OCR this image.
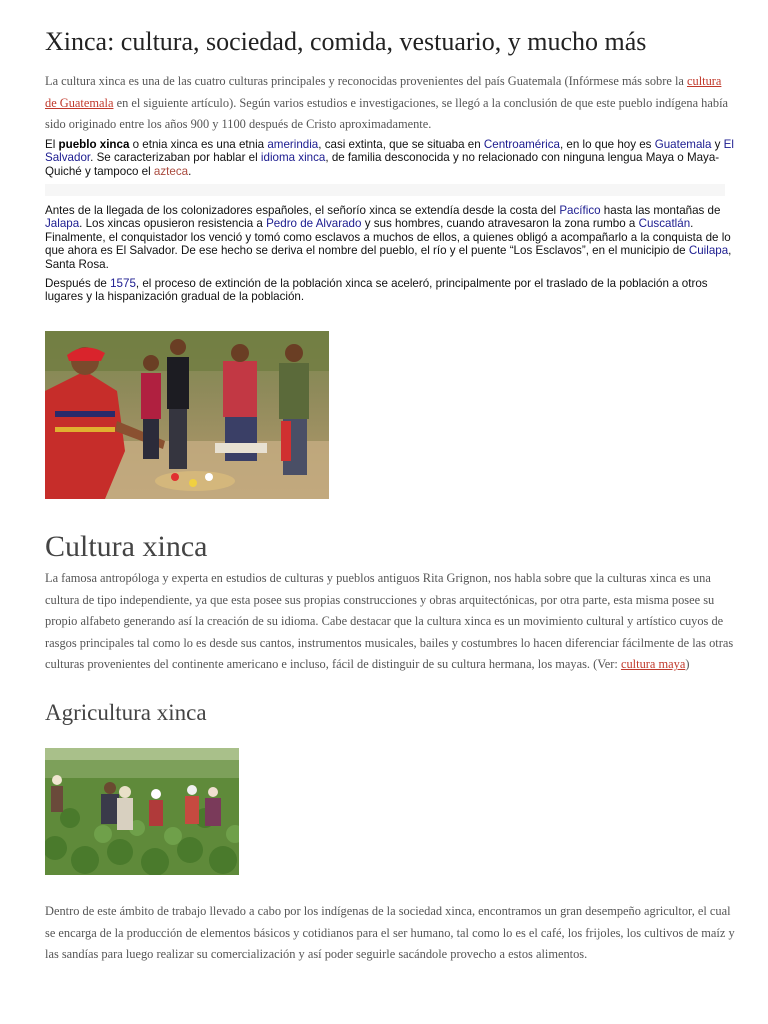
Xinca: cultura, sociedad, comida, vestuario, y mucho más

La cultura xinca es una de las cuatro culturas principales y reconocidas provenientes del país Guatemala (Infórmese más sobre la cultura de Guatemala en el siguiente artículo). Según varios estudios e investigaciones, se llegó a la conclusión de que este pueblo indígena había sido originado entre los años 900 y 1100 después de Cristo aproximadamente.

El pueblo xinca o etnia xinca es una etnia amerindia, casi extinta, que se situaba en Centroamérica, en lo que hoy es Guatemala y El Salvador. Se caracterizaban por hablar el idioma xinca, de familia desconocida y no relacionado con ninguna lengua Maya o Maya-Quiché y tampoco el azteca.

Antes de la llegada de los colonizadores españoles, el señorío xinca se extendía desde la costa del Pacífico hasta las montañas de Jalapa. Los xincas opusieron resistencia a Pedro de Alvarado y sus hombres, cuando atravesaron la zona rumbo a Cuscatlán. Finalmente, el conquistador los venció y tomó como esclavos a muchos de ellos, a quienes obligó a acompañarlo a la conquista de lo que ahora es El Salvador. De ese hecho se deriva el nombre del pueblo, el río y el puente “Los Esclavos”, en el municipio de Cuilapa, Santa Rosa.

Después de 1575, el proceso de extinción de la población xinca se aceleró, principalmente por el traslado de la población a otros lugares y la hispanización gradual de la población.

Cultura xinca

La famosa antropóloga y experta en estudios de culturas y pueblos antiguos Rita Grignon, nos habla sobre que la culturas xinca es una cultura de tipo independiente, ya que esta posee sus propias construcciones y obras arquitectónicas, por otra parte, esta misma posee su propio alfabeto generando así la creación de su idioma. Cabe destacar que la cultura xinca es un movimiento cultural y artístico cuyos de rasgos principales tal como lo es desde sus cantos, instrumentos musicales, bailes y costumbres lo hacen diferenciar fácilmente de las otras culturas provenientes del continente americano e incluso, fácil de distinguir de su cultura hermana, los mayas. (Ver: cultura maya)

Agricultura xinca

Dentro de este ámbito de trabajo llevado a cabo por los indígenas de la sociedad xinca, encontramos un gran desempeño agricultor, el cual se encarga de la producción de elementos básicos y cotidianos para el ser humano, tal como lo es el café, los frijoles, los cultivos de maíz y las sandías para luego realizar su comercialización y así poder seguirle sacándole provecho a estos alimentos.
